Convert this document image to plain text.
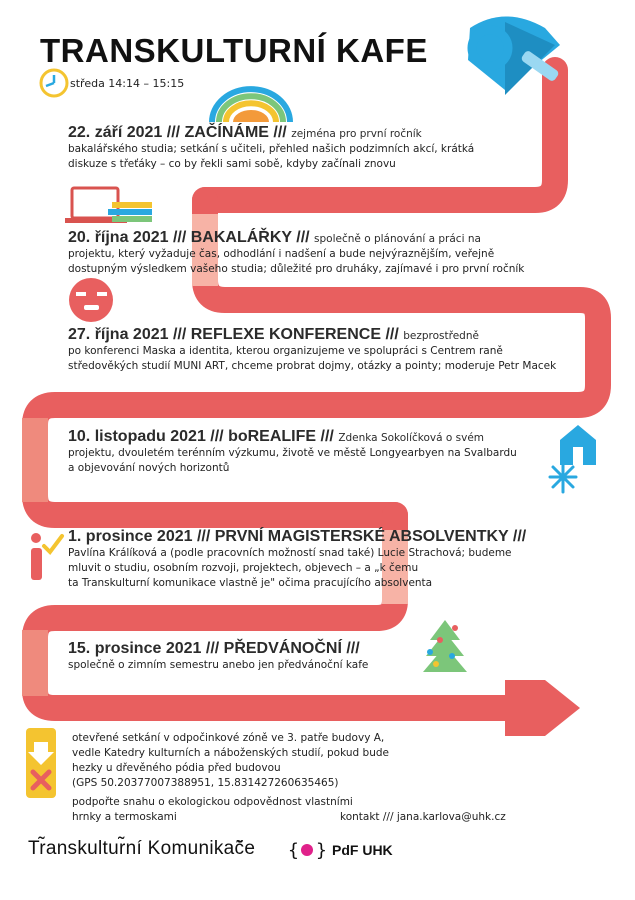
{ }
TRANSKULTURNÍ KAFE
středa 14:14 – 15:15
22. září 2021 /// ZAČÍNÁME /// zejména pro první ročník
bakalářského studia; setkání s učiteli, přehled našich podzimních akcí, krátká
diskuze s třeťáky – co by řekli sami sobě, kdyby začínali znovu
20. října 2021 /// BAKALÁŘKY /// společně o plánování a práci na
projektu, který vyžaduje čas, odhodlání i nadšení a bude nejvýraznějším, veřejně
dostupným výsledkem vašeho studia; důležité pro druháky, zajímavé i pro první ročník
27. října 2021 /// REFLEXE KONFERENCE /// bezprostředně
po konferenci Maska a identita, kterou organizujeme ve spolupráci s Centrem raně
středověkých studií MUNI ART, chceme probrat dojmy, otázky a pointy; moderuje Petr Macek
10. listopadu 2021 /// boREALIFE /// Zdenka Sokolíčková o svém
projektu, dvouletém terénním výzkumu, životě ve městě Longyearbyen na Svalbardu
a objevování nových horizontů
1. prosince 2021 /// PRVNÍ MAGISTERSKÉ ABSOLVENTKY ///
Pavlína Králíková a (podle pracovních možností snad také) Lucie Strachová; budeme
mluvit o studiu, osobním rozvoji, projektech, objevech – a „k čemu
ta Transkulturní komunikace vlastně je" očima pracujícího absolventa
15. prosince 2021 /// PŘEDVÁNOČNÍ ///
společně o zimním semestru anebo jen předvánoční kafe
otevřené setkání v odpočinkové zóně ve 3. patře budovy A,
vedle Katedry kulturních a náboženských studií, pokud bude
hezky u dřevěného pódia před budovou
(GPS 50.20377007388951, 15.831427260635465)
podpořte snahu o ekologickou odpovědnost vlastními
hrnky a termoskami	kontakt /// jana.karlova@uhk.cz
Tr̃anskultur̃ní Komunikač̃e	PdF UHK
